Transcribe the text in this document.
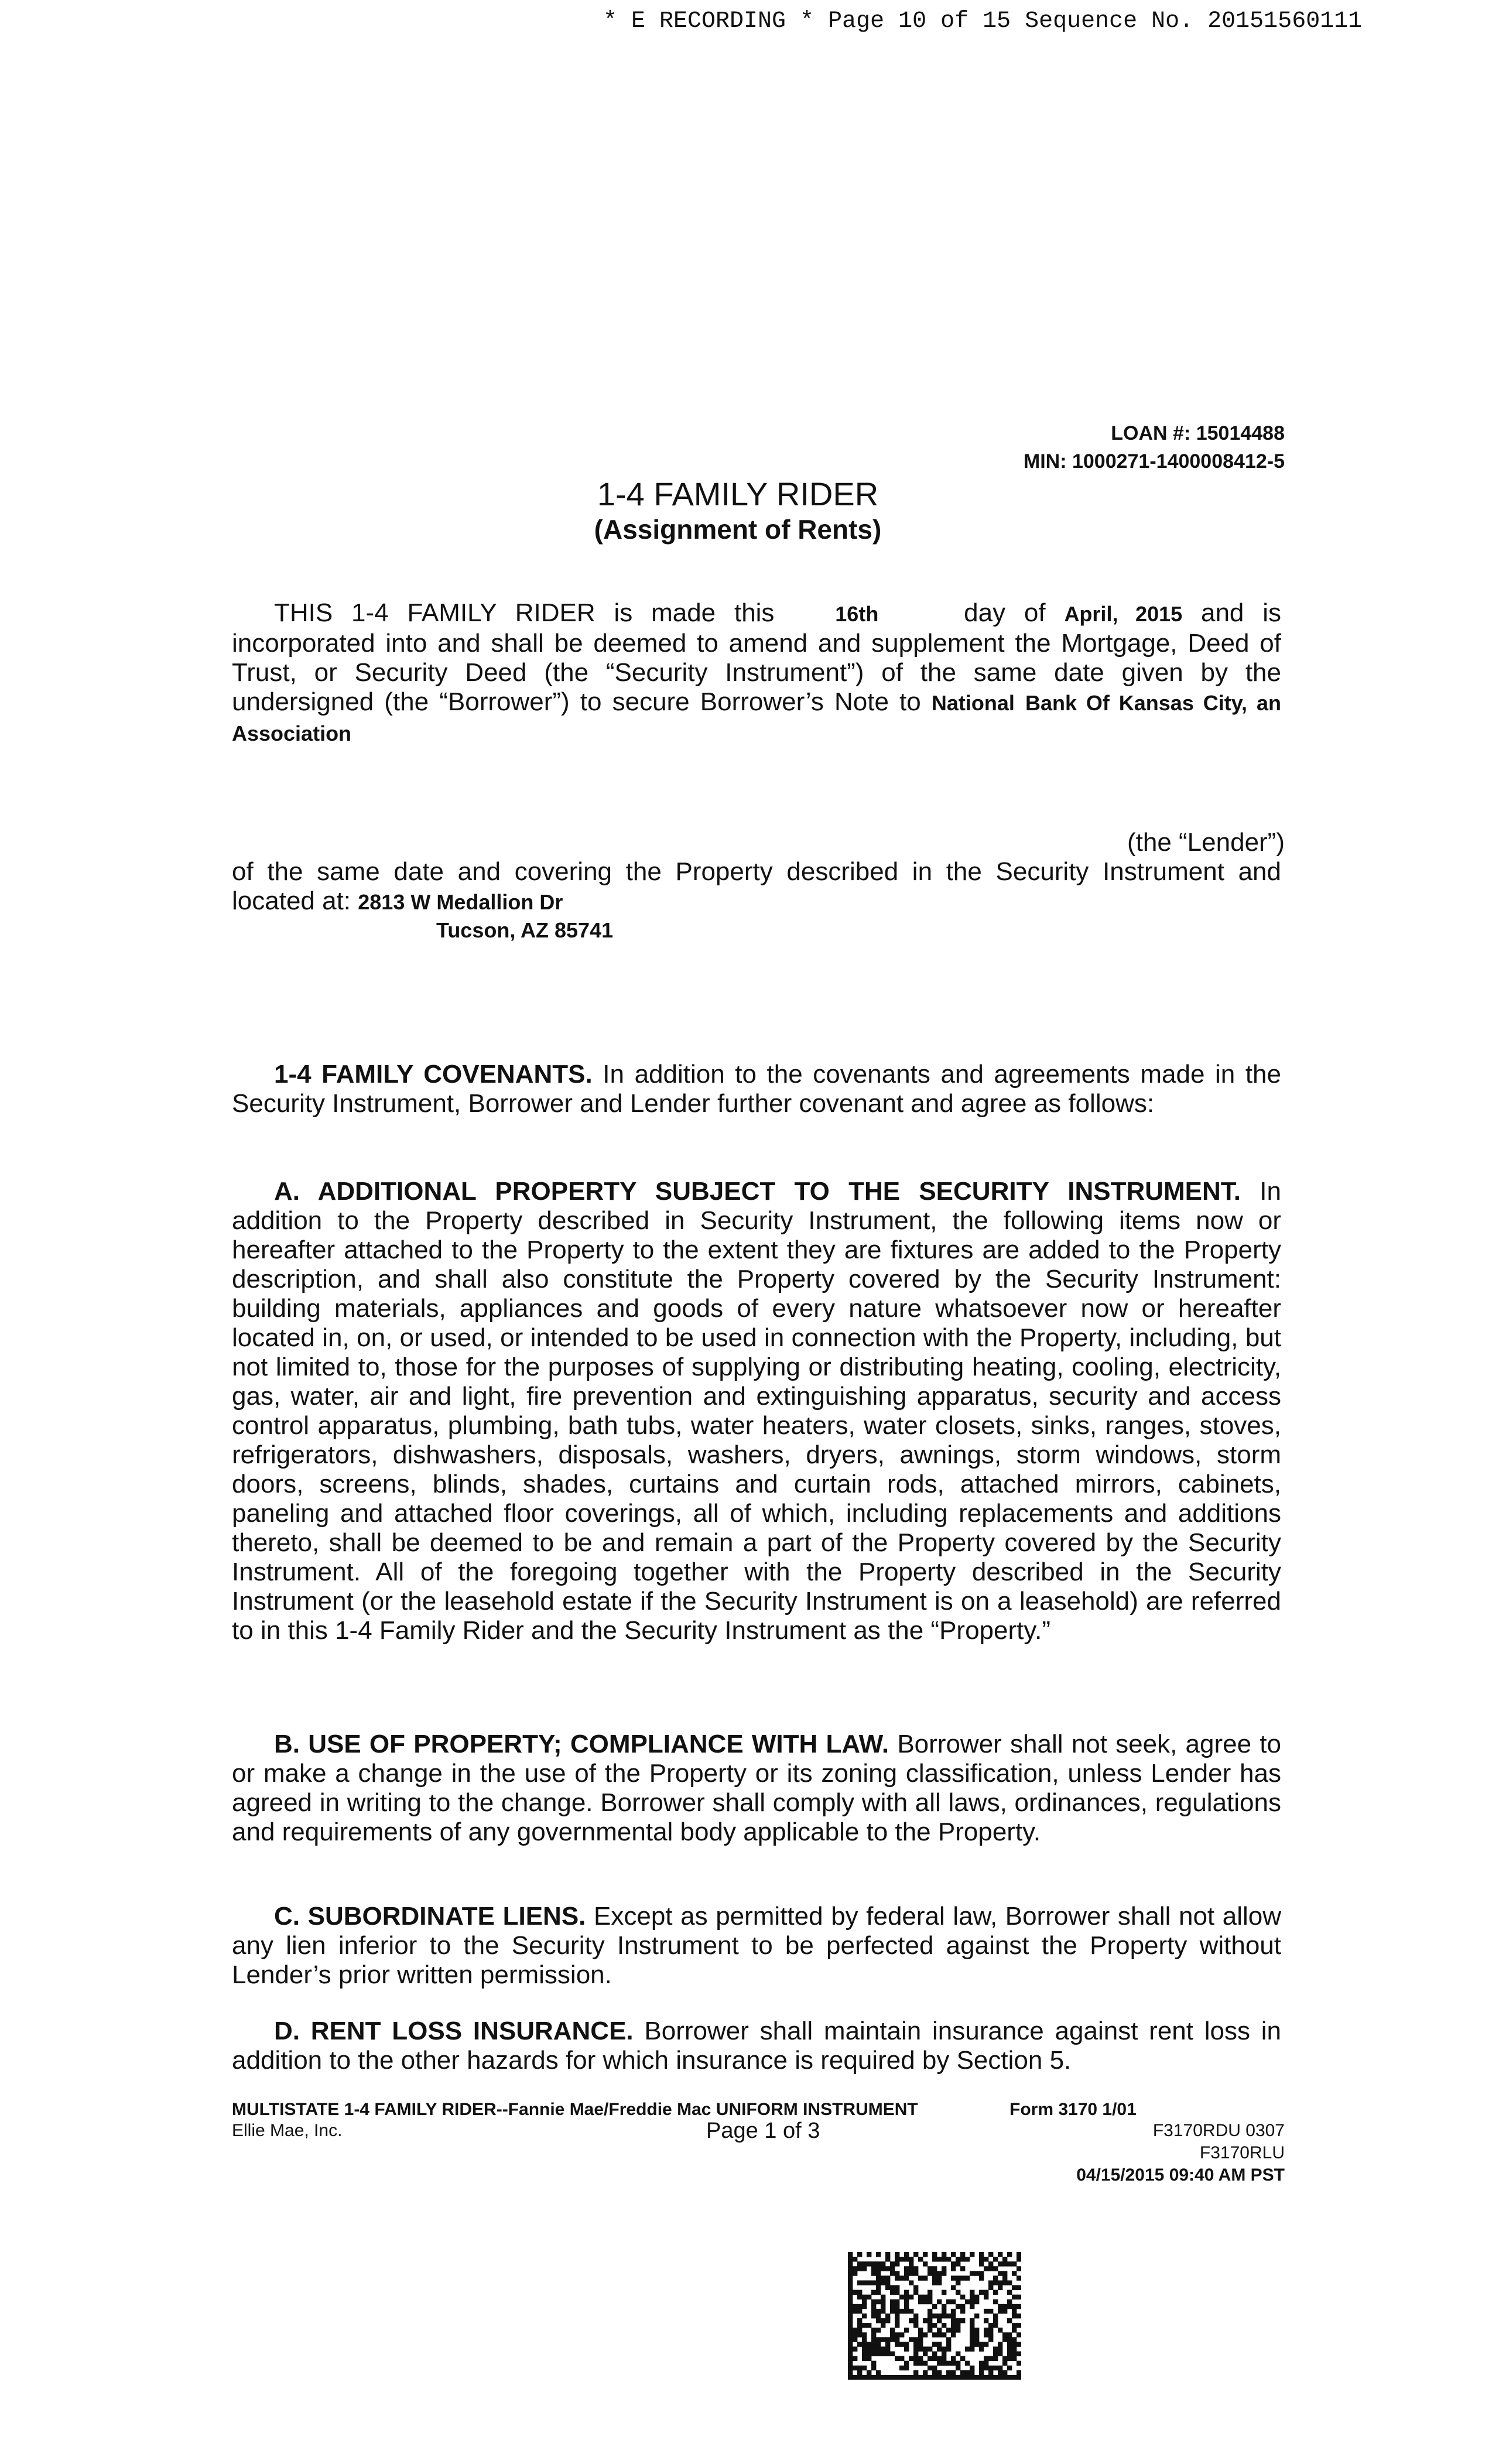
* E RECORDING * Page 10 of 15 Sequence No. 20151560111
LOAN #: 15014488
MIN: 1000271-1400008412-5
1-4 FAMILY RIDER
(Assignment of Rents)

THIS 1-4 FAMILY RIDER is made this	16th	day of April, 2015 and is incorporated into and shall be deemed to amend and supplement the Mortgage, Deed of Trust, or Security Deed (the “Security Instrument”) of the same date given by the undersigned (the “Borrower”) to secure Borrower’s Note to National Bank Of Kansas City, an Association

(the “Lender”)
of the same date and covering the Property described in the Security Instrument and located at: 2813 W Medallion Dr
Tucson, AZ 85741

1-4 FAMILY COVENANTS. In addition to the covenants and agreements made in the Security Instrument, Borrower and Lender further covenant and agree as follows:

A. ADDITIONAL PROPERTY SUBJECT TO THE SECURITY INSTRUMENT. In addition to the Property described in Security Instrument, the following items now or hereafter attached to the Property to the extent they are fixtures are added to the Property description, and shall also constitute the Property covered by the Security Instrument: building materials, appliances and goods of every nature whatsoever now or hereafter located in, on, or used, or intended to be used in connection with the Property, including, but not limited to, those for the purposes of supplying or distributing heating, cooling, electricity, gas, water, air and light, fire prevention and extinguishing apparatus, security and access control apparatus, plumbing, bath tubs, water heaters, water closets, sinks, ranges, stoves, refrigerators, dishwashers, disposals, washers, dryers, awnings, storm windows, storm doors, screens, blinds, shades, curtains and curtain rods, attached mirrors, cabinets, paneling and attached floor coverings, all of which, including replacements and additions thereto, shall be deemed to be and remain a part of the Property covered by the Security Instrument. All of the foregoing together with the Property described in the Security Instrument (or the leasehold estate if the Security Instrument is on a leasehold) are referred to in this 1-4 Family Rider and the Security Instrument as the “Property.”

B. USE OF PROPERTY; COMPLIANCE WITH LAW. Borrower shall not seek, agree to or make a change in the use of the Property or its zoning classification, unless Lender has agreed in writing to the change. Borrower shall comply with all laws, ordinances, regulations and requirements of any governmental body applicable to the Property.

C. SUBORDINATE LIENS. Except as permitted by federal law, Borrower shall not allow any lien inferior to the Security Instrument to be perfected against the Property without Lender’s prior written permission.

D. RENT LOSS INSURANCE. Borrower shall maintain insurance against rent loss in addition to the other hazards for which insurance is required by Section 5.

MULTISTATE 1-4 FAMILY RIDER--Fannie Mae/Freddie Mac UNIFORM INSTRUMENT
Ellie Mae, Inc.	Page 1 of 3
Form 3170 1/01
F3170RDU 0307
F3170RLU
04/15/2015 09:40 AM PST
